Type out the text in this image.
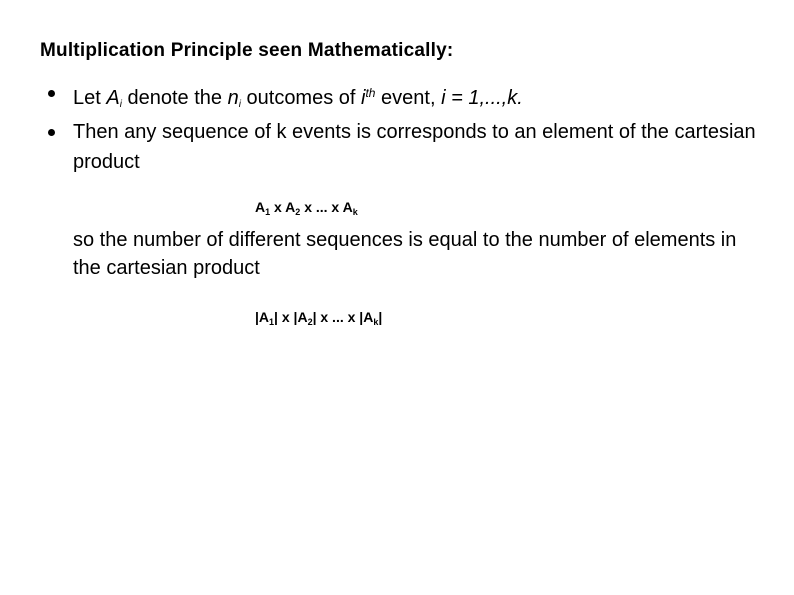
Multiplication Principle seen Mathematically:
Let $A_i$ denote the $n_i$ outcomes of $i^{th}$ event, i = 1,...,k.
Then any sequence of k events is corresponds to an element of the cartesian product
$A_1$ x $A_2$ x ... x $A_k$
so the number of different sequences is equal to the number of elements in the cartesian product
$|A_1|$ x $|A_2|$ x ... x $|A_k|$
